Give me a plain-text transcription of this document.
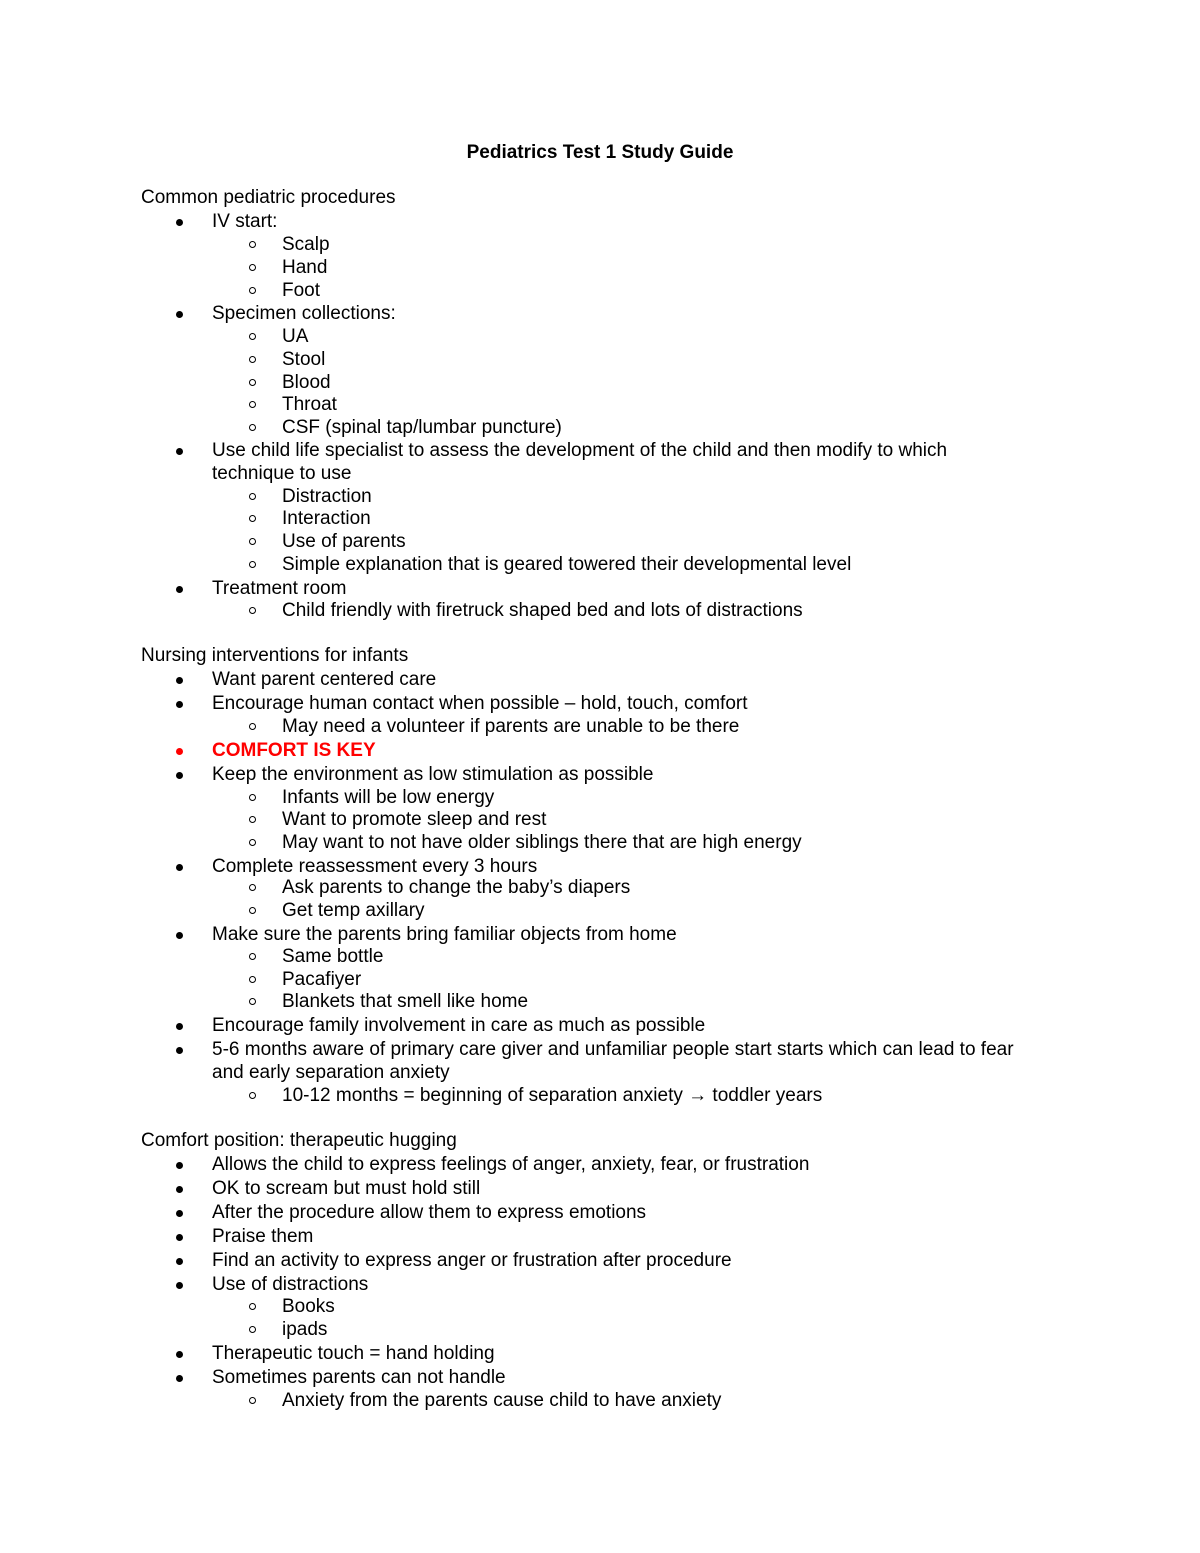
Pediatrics Test 1 Study Guide
Common pediatric procedures
IV start:
Scalp
Hand
Foot
Specimen collections:
UA
Stool
Blood
Throat
CSF (spinal tap/lumbar puncture)
Use child life specialist to assess the development of the child and then modify to which
technique to use
Distraction
Interaction
Use of parents
Simple explanation that is geared towered their developmental level
Treatment room
Child friendly with firetruck shaped bed and lots of distractions
Nursing interventions for infants
Want parent centered care
Encourage human contact when possible – hold, touch, comfort
May need a volunteer if parents are unable to be there
COMFORT IS KEY
Keep the environment as low stimulation as possible
Infants will be low energy
Want to promote sleep and rest
May want to not have older siblings there that are high energy
Complete reassessment every 3 hours
Ask parents to change the baby’s diapers
Get temp axillary
Make sure the parents bring familiar objects from home
Same bottle
Pacafiyer
Blankets that smell like home
Encourage family involvement in care as much as possible
5-6 months aware of primary care giver and unfamiliar people start starts which can lead to fear
and early separation anxiety
10-12 months = beginning of separation anxiety → toddler years
Comfort position: therapeutic hugging
Allows the child to express feelings of anger, anxiety, fear, or frustration
OK to scream but must hold still
After the procedure allow them to express emotions
Praise them
Find an activity to express anger or frustration after procedure
Use of distractions
Books
ipads
Therapeutic touch = hand holding
Sometimes parents can not handle
Anxiety from the parents cause child to have anxiety
